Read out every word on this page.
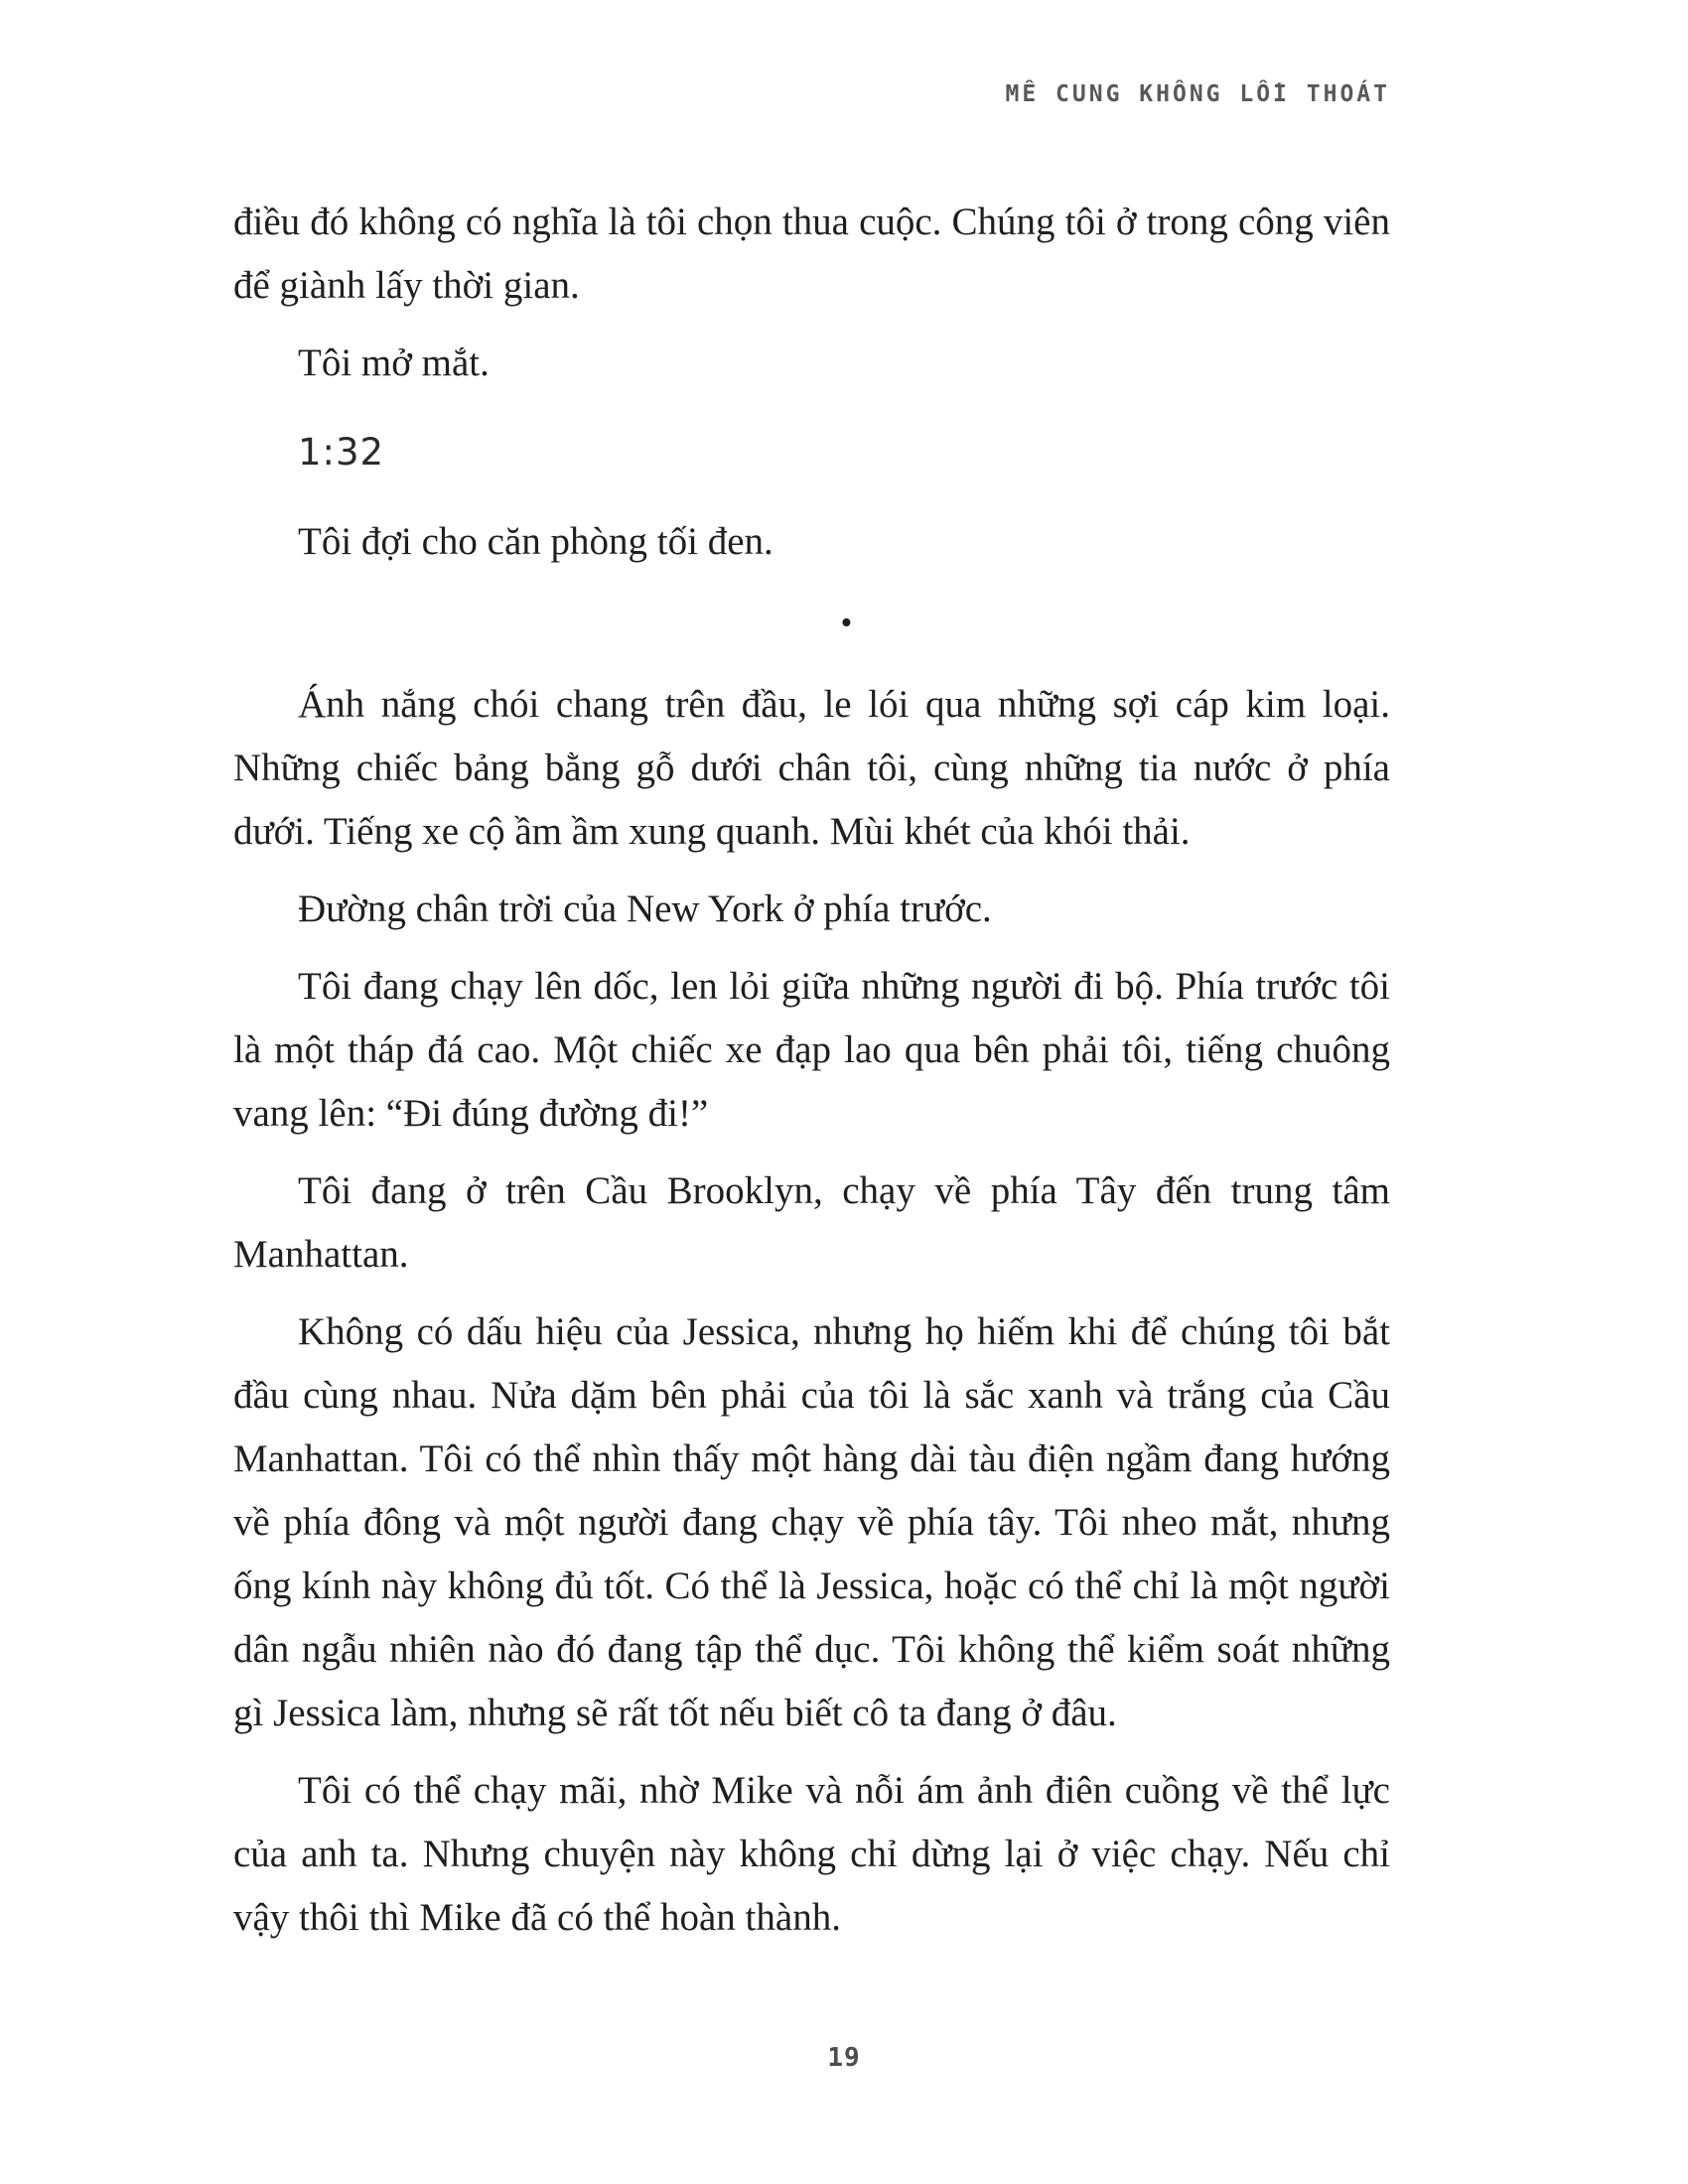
MÊ CUNG KHÔNG LỐI THOÁT

điều đó không có nghĩa là tôi chọn thua cuộc. Chúng tôi ở trong công viên để giành lấy thời gian.

Tôi mở mắt.

1:32

Tôi đợi cho căn phòng tối đen.

•

Ánh nắng chói chang trên đầu, le lói qua những sợi cáp kim loại. Những chiếc bảng bằng gỗ dưới chân tôi, cùng những tia nước ở phía dưới. Tiếng xe cộ ầm ầm xung quanh. Mùi khét của khói thải.

Đường chân trời của New York ở phía trước.

Tôi đang chạy lên dốc, len lỏi giữa những người đi bộ. Phía trước tôi là một tháp đá cao. Một chiếc xe đạp lao qua bên phải tôi, tiếng chuông vang lên: “Đi đúng đường đi!”

Tôi đang ở trên Cầu Brooklyn, chạy về phía Tây đến trung tâm Manhattan.

Không có dấu hiệu của Jessica, nhưng họ hiếm khi để chúng tôi bắt đầu cùng nhau. Nửa dặm bên phải của tôi là sắc xanh và trắng của Cầu Manhattan. Tôi có thể nhìn thấy một hàng dài tàu điện ngầm đang hướng về phía đông và một người đang chạy về phía tây. Tôi nheo mắt, nhưng ống kính này không đủ tốt. Có thể là Jessica, hoặc có thể chỉ là một người dân ngẫu nhiên nào đó đang tập thể dục. Tôi không thể kiểm soát những gì Jessica làm, nhưng sẽ rất tốt nếu biết cô ta đang ở đâu.

Tôi có thể chạy mãi, nhờ Mike và nỗi ám ảnh điên cuồng về thể lực của anh ta. Nhưng chuyện này không chỉ dừng lại ở việc chạy. Nếu chỉ vậy thôi thì Mike đã có thể hoàn thành.

19
